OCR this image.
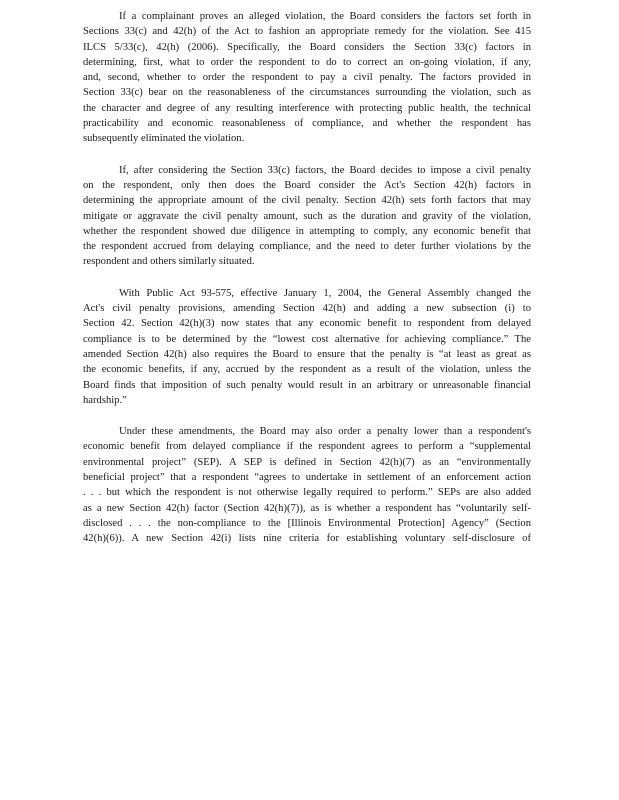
If a complainant proves an alleged violation, the Board considers the factors set forth in
Sections 33(c) and 42(h) of the Act to fashion an appropriate remedy for the violation. See 415
ILCS 5/33(c), 42(h) (2006). Specifically, the Board considers the Section 33(c) factors in
determining, first, what to order the respondent to do to correct an on-going violation, if any,
and, second, whether to order the respondent to pay a civil penalty. The factors provided in
Section 33(c) bear on the reasonableness of the circumstances surrounding the violation, such as
the character and degree of any resulting interference with protecting public health, the technical
practicability and economic reasonableness of compliance, and whether the respondent has
subsequently eliminated the violation.

If, after considering the Section 33(c) factors, the Board decides to impose a civil penalty
on the respondent, only then does the Board consider the Act's Section 42(h) factors in
determining the appropriate amount of the civil penalty. Section 42(h) sets forth factors that may
mitigate or aggravate the civil penalty amount, such as the duration and gravity of the violation,
whether the respondent showed due diligence in attempting to comply, any economic benefit that
the respondent accrued from delaying compliance, and the need to deter further violations by the
respondent and others similarly situated.

With Public Act 93-575, effective January 1, 2004, the General Assembly changed the
Act's civil penalty provisions, amending Section 42(h) and adding a new subsection (i) to
Section 42. Section 42(h)(3) now states that any economic benefit to respondent from delayed
compliance is to be determined by the “lowest cost alternative for achieving compliance.” The
amended Section 42(h) also requires the Board to ensure that the penalty is “at least as great as
the economic benefits, if any, accrued by the respondent as a result of the violation, unless the
Board finds that imposition of such penalty would result in an arbitrary or unreasonable financial
hardship.”

Under these amendments, the Board may also order a penalty lower than a respondent's
economic benefit from delayed compliance if the respondent agrees to perform a “supplemental
environmental project” (SEP). A SEP is defined in Section 42(h)(7) as an “environmentally
beneficial project” that a respondent “agrees to undertake in settlement of an enforcement action
. . . but which the respondent is not otherwise legally required to perform.” SEPs are also added
as a new Section 42(h) factor (Section 42(h)(7)), as is whether a respondent has “voluntarily self-
disclosed . . . the non-compliance to the [Illinois Environmental Protection] Agency” (Section
42(h)(6)). A new Section 42(i) lists nine criteria for establishing voluntary self-disclosure of
